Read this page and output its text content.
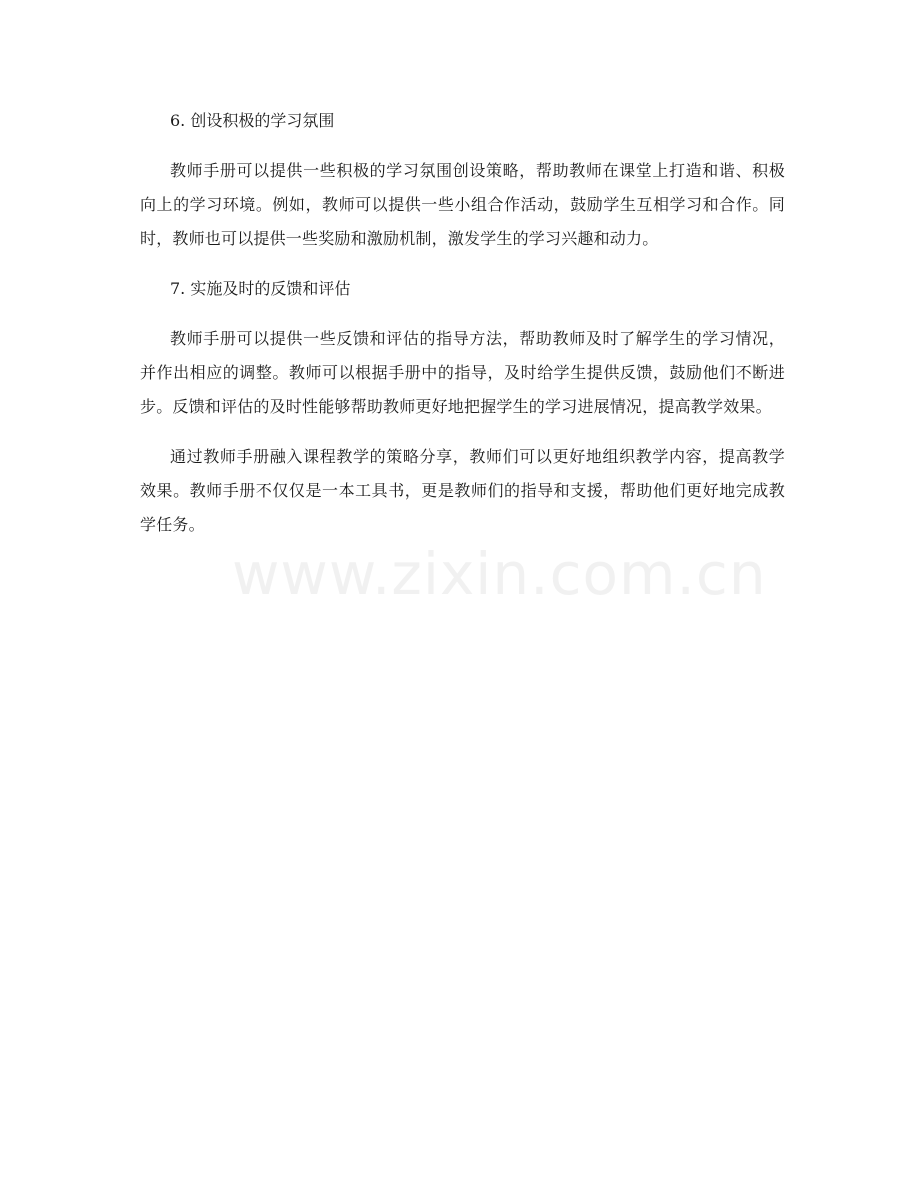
www.zixin.com.cn
6. 创设积极的学习氛围

教师手册可以提供一些积极的学习氛围创设策略，帮助教师在课堂上打造和谐、积极向上的学习环境。例如，教师可以提供一些小组合作活动，鼓励学生互相学习和合作。同时，教师也可以提供一些奖励和激励机制，激发学生的学习兴趣和动力。

7. 实施及时的反馈和评估

教师手册可以提供一些反馈和评估的指导方法，帮助教师及时了解学生的学习情况，并作出相应的调整。教师可以根据手册中的指导，及时给学生提供反馈，鼓励他们不断进步。反馈和评估的及时性能够帮助教师更好地把握学生的学习进展情况，提高教学效果。

通过教师手册融入课程教学的策略分享，教师们可以更好地组织教学内容，提高教学效果。教师手册不仅仅是一本工具书，更是教师们的指导和支援，帮助他们更好地完成教学任务。
